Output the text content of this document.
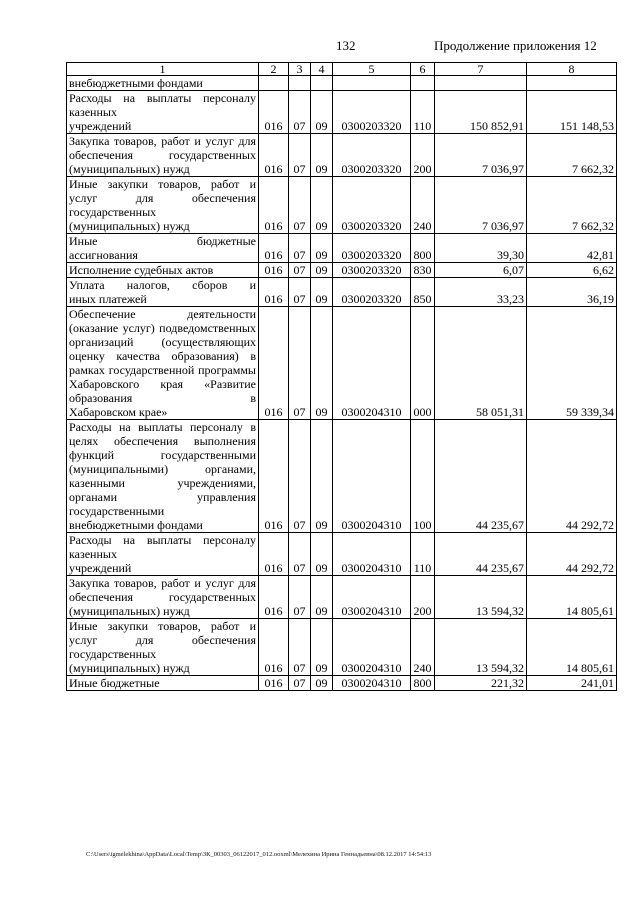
132	Продолжение приложения 12
1	2	3	4	5	6	7	8

внебюджетными фондами							

Расходы на выплаты персоналу казенных
учреждений	016	07	09	0300203320	110	150 852,91	151 148,53
Закупка товаров, работ и услуг для обеспечения государственных
(муниципальных) нужд	016	07	09	0300203320	200	7 036,97	7 662,32
Иные закупки товаров, работ и услуг для обеспечения государственных
(муниципальных) нужд	016	07	09	0300203320	240	7 036,97	7 662,32
Иные бюджетные
ассигнования	016	07	09	0300203320	800	39,30	42,81

Исполнение судебных актов	016	07	09	0300203320	830	6,07	6,62
Уплата налогов, сборов и
иных платежей	016	07	09	0300203320	850	33,23	36,19
Обеспечение деятельности (оказание услуг) подведомственных организаций (осуществляющих оценку качества образования) в рамках государственной программы Хабаровского края «Развитие образования в
Хабаровском крае»	016	07	09	0300204310	000	58 051,31	59 339,34
Расходы на выплаты персоналу в целях обеспечения выполнения функций государственными (муниципальными) органами, казенными учреждениями, органами управления государственными
внебюджетными фондами	016	07	09	0300204310	100	44 235,67	44 292,72
Расходы на выплаты персоналу казенных
учреждений	016	07	09	0300204310	110	44 235,67	44 292,72
Закупка товаров, работ и услуг для обеспечения государственных
(муниципальных) нужд	016	07	09	0300204310	200	13 594,32	14 805,61
Иные закупки товаров, работ и услуг для обеспечения государственных
(муниципальных) нужд	016	07	09	0300204310	240	13 594,32	14 805,61

Иные бюджетные	016	07	09	0300204310	800	221,32	241,01
C:\Users\igmelekhina\AppData\Local\Temp\ЗК_00303_06122017_012.ooxml\Мелехина Ирина Геннадьевна\08.12.2017 14:54:13
